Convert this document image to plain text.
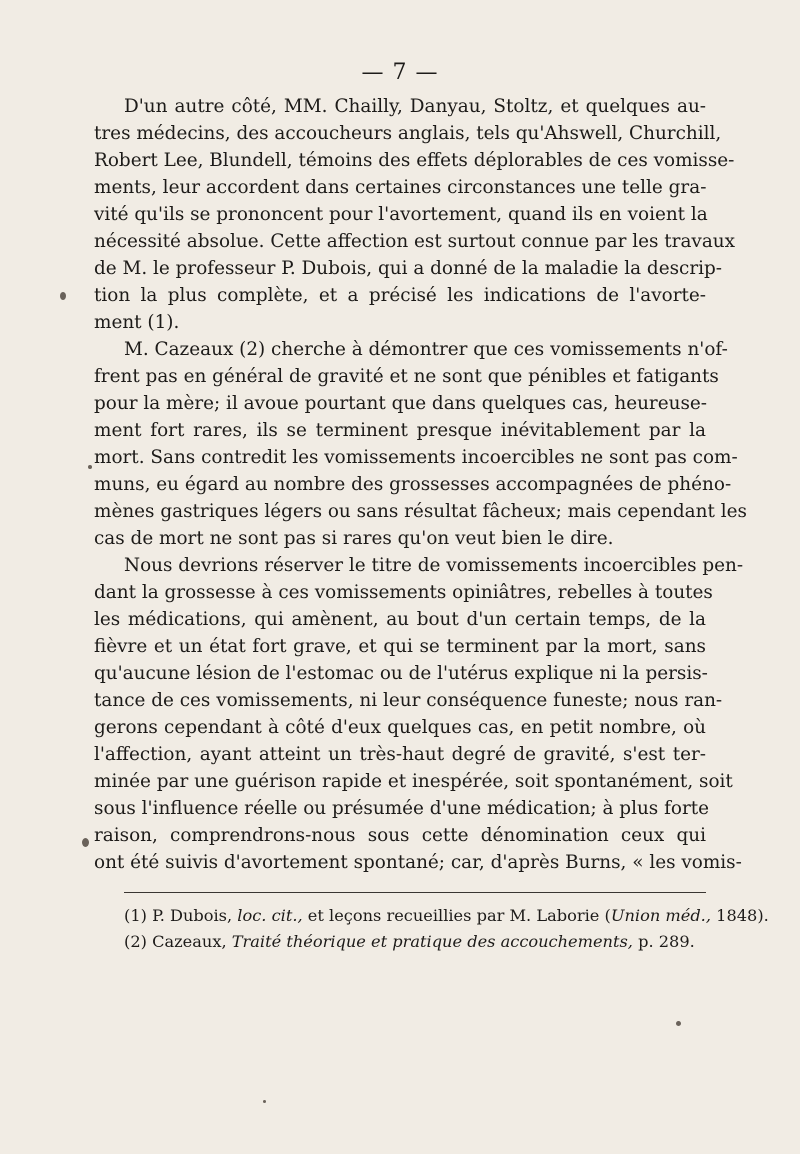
— 7 —
D'un autre côté, MM. Chailly, Danyau, Stoltz, et quelques au-
tres médecins, des accoucheurs anglais, tels qu'Ahswell, Churchill,
Robert Lee, Blundell, témoins des effets déplorables de ces vomisse-
ments, leur accordent dans certaines circonstances une telle gra-
vité qu'ils se prononcent pour l'avortement, quand ils en voient la
nécessité absolue. Cette affection est surtout connue par les travaux
de M. le professeur P. Dubois, qui a donné de la maladie la descrip-
tion la plus complète, et a précisé les indications de l'avorte-
ment (1).
M. Cazeaux (2) cherche à démontrer que ces vomissements n'of-
frent pas en général de gravité et ne sont que pénibles et fatigants
pour la mère; il avoue pourtant que dans quelques cas, heureuse-
ment fort rares, ils se terminent presque inévitablement par la
mort. Sans contredit les vomissements incoercibles ne sont pas com-
muns, eu égard au nombre des grossesses accompagnées de phéno-
mènes gastriques légers ou sans résultat fâcheux; mais cependant les
cas de mort ne sont pas si rares qu'on veut bien le dire.
Nous devrions réserver le titre de vomissements incoercibles pen-
dant la grossesse à ces vomissements opiniâtres, rebelles à toutes
les médications, qui amènent, au bout d'un certain temps, de la
fièvre et un état fort grave, et qui se terminent par la mort, sans
qu'aucune lésion de l'estomac ou de l'utérus explique ni la persis-
tance de ces vomissements, ni leur conséquence funeste; nous ran-
gerons cependant à côté d'eux quelques cas, en petit nombre, où
l'affection, ayant atteint un très-haut degré de gravité, s'est ter-
minée par une guérison rapide et inespérée, soit spontanément, soit
sous l'influence réelle ou présumée d'une médication; à plus forte
raison, comprendrons-nous sous cette dénomination ceux qui
ont été suivis d'avortement spontané; car, d'après Burns, « les vomis-
(1) P. Dubois, loc. cit., et leçons recueillies par M. Laborie (Union méd., 1848).
(2) Cazeaux, Traité théorique et pratique des accouchements, p. 289.
